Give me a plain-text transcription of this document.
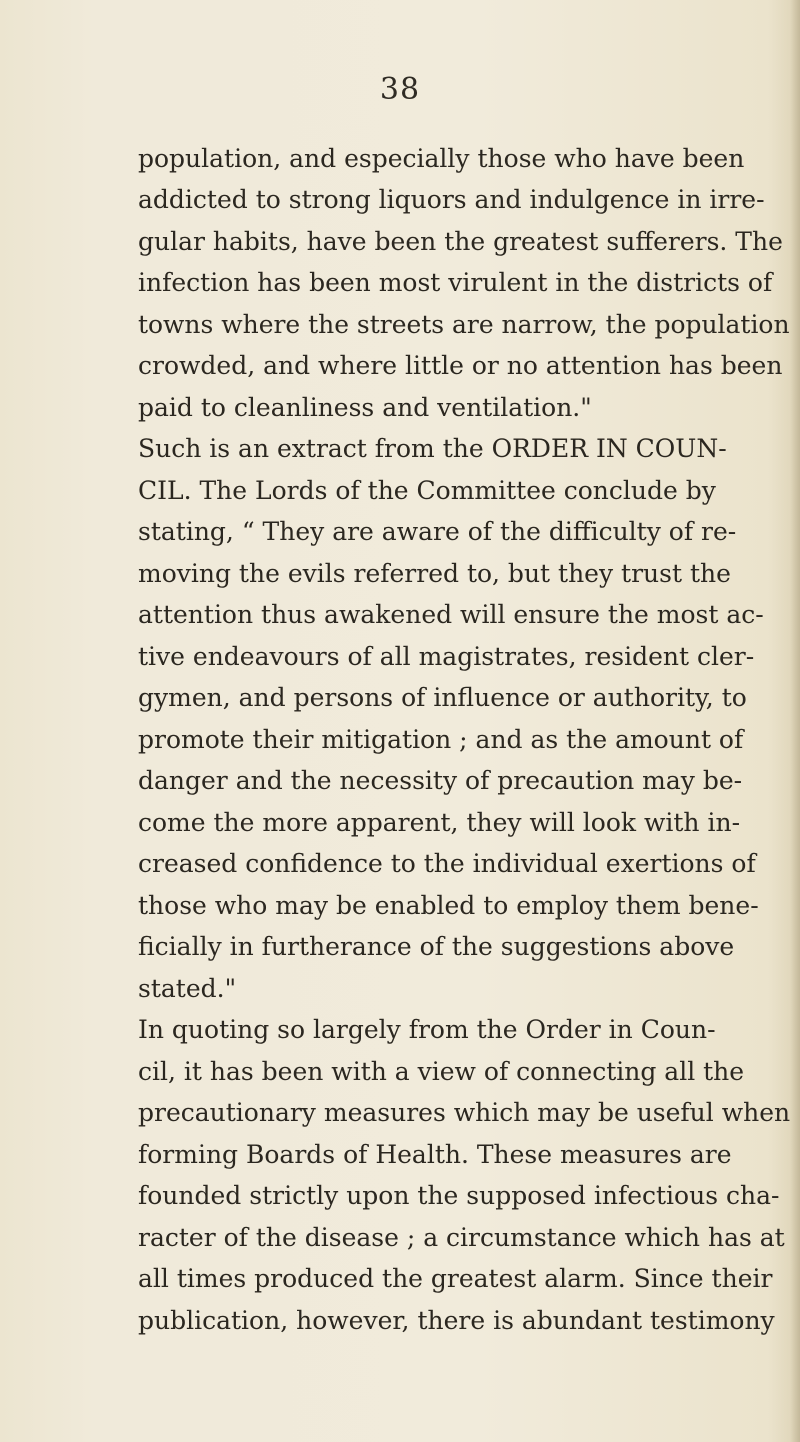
38
population, and especially those who have been
addicted to strong liquors and indulgence in irre-
gular habits, have been the greatest sufferers. The
infection has been most virulent in the districts of
towns where the streets are narrow, the population
crowded, and where little or no attention has been
paid to cleanliness and ventilation."
Such is an extract from the ORDER IN COUN-
CIL. The Lords of the Committee conclude by
stating, “ They are aware of the difficulty of re-
moving the evils referred to, but they trust the
attention thus awakened will ensure the most ac-
tive endeavours of all magistrates, resident cler-
gymen, and persons of influence or authority, to
promote their mitigation ; and as the amount of
danger and the necessity of precaution may be-
come the more apparent, they will look with in-
creased confidence to the individual exertions of
those who may be enabled to employ them bene-
ficially in furtherance of the suggestions above
stated."
In quoting so largely from the Order in Coun-
cil, it has been with a view of connecting all the
precautionary measures which may be useful when
forming Boards of Health. These measures are
founded strictly upon the supposed infectious cha-
racter of the disease ; a circumstance which has at
all times produced the greatest alarm. Since their
publication, however, there is abundant testimony
